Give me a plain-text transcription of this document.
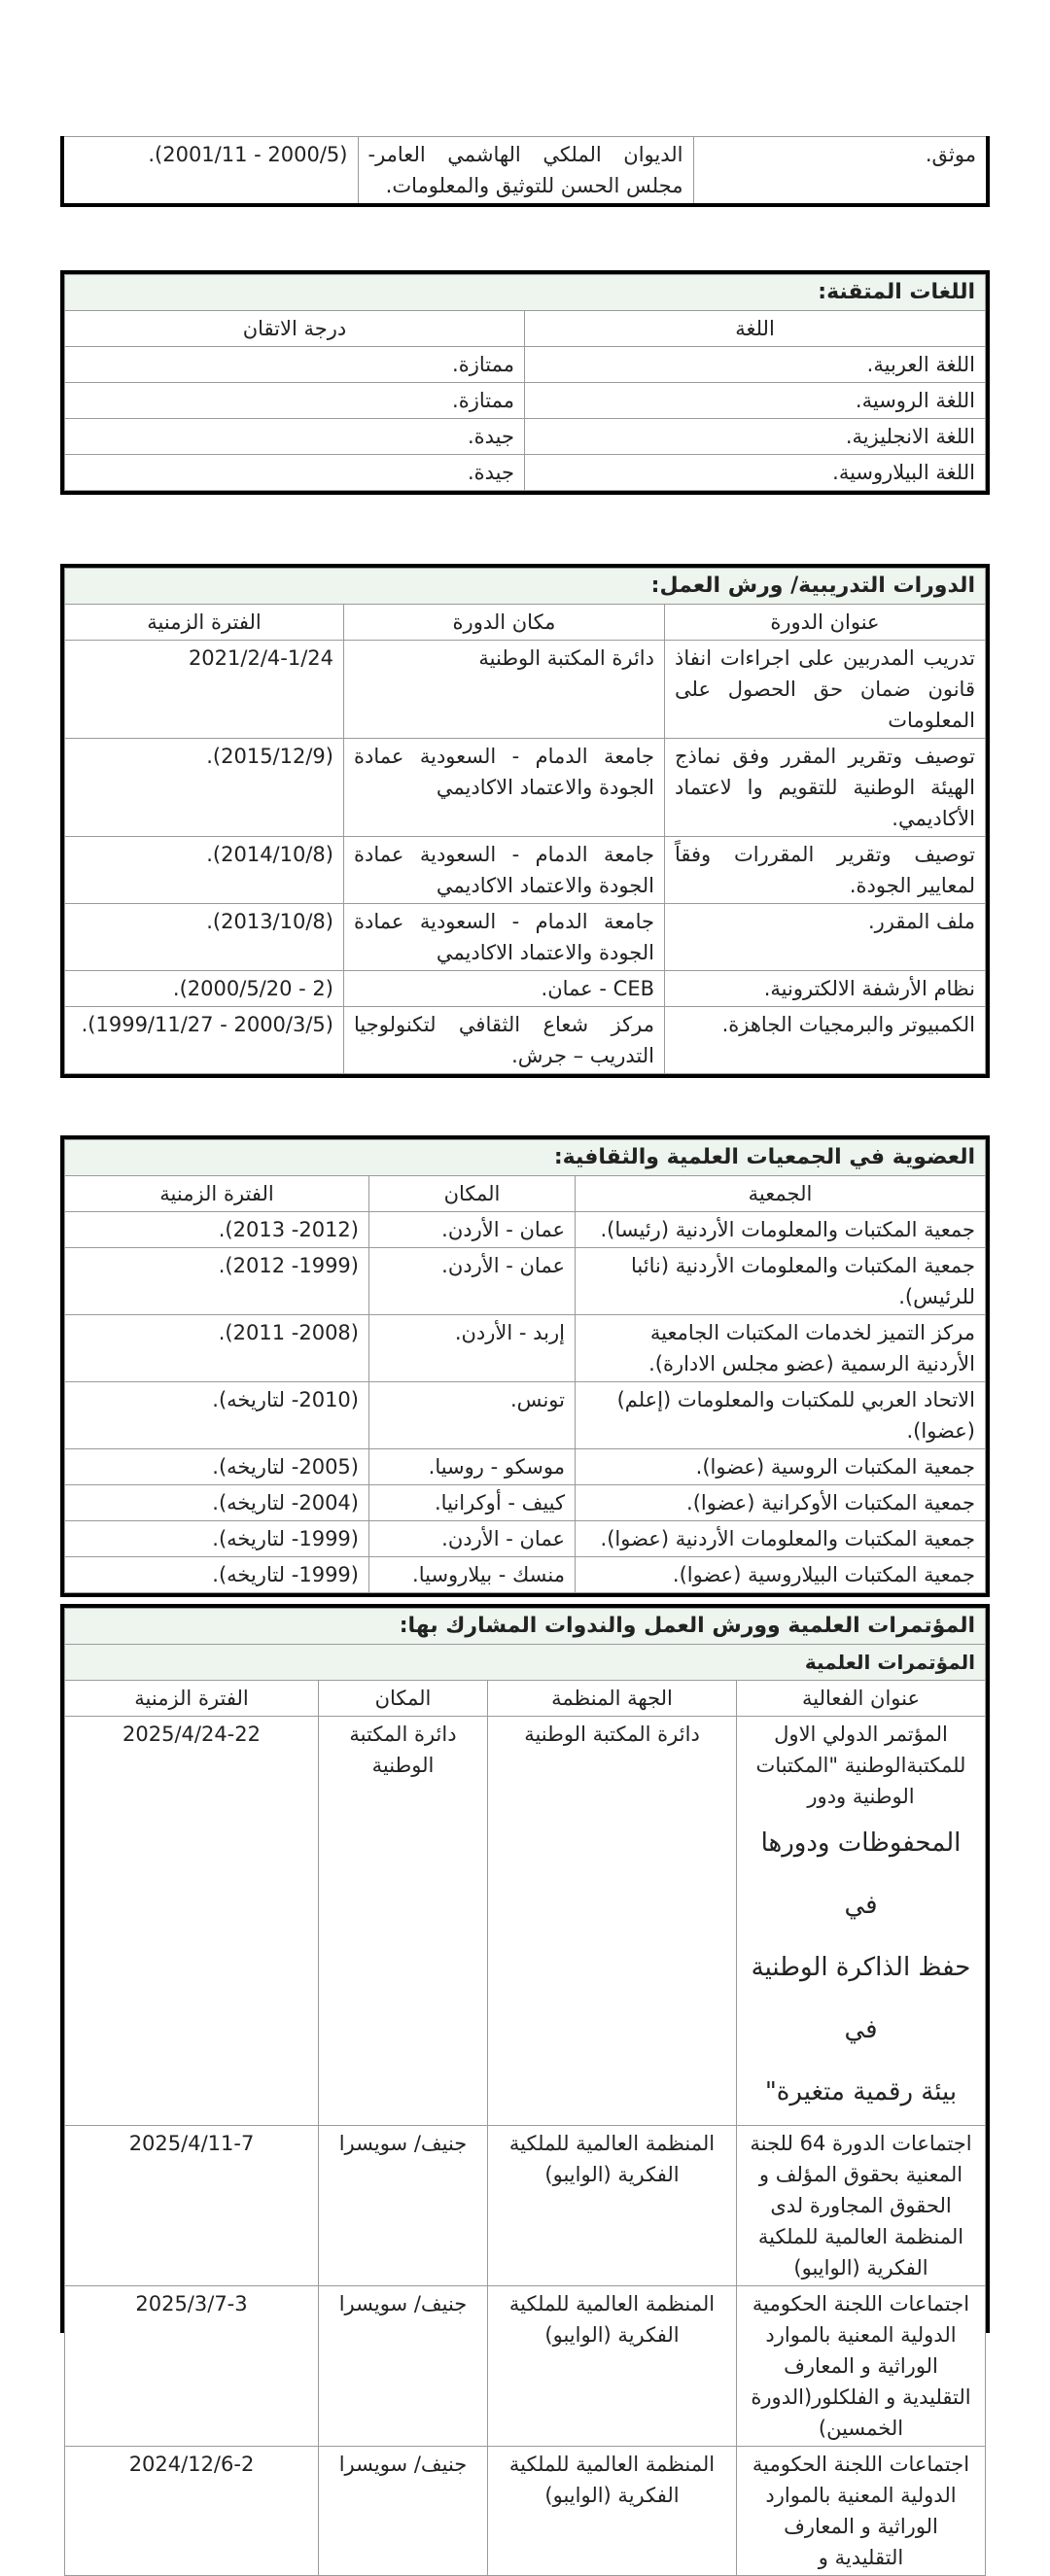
موثق.	الديوان الملكي الهاشمي العامر- مجلس الحسن للتوثيق والمعلومات.	(2000/5 - 2001/11).
اللغات المتقنة:	
اللغة	درجة الاتقان
اللغة العربية.	ممتازة.
اللغة الروسية.	ممتازة.
اللغة الانجليزية.	جيدة.
اللغة البيلاروسية.	جيدة.
الدورات التدريبية/ ورش العمل:		
عنوان الدورة	مكان الدورة	الفترة الزمنية
تدريب المدربين على اجراءات انفاذ قانون ضمان حق الحصول على المعلومات	دائرة المكتبة الوطنية	2021/2/4-1/24
توصيف وتقرير المقرر وفق نماذج الهيئة الوطنية للتقويم وا لاعتماد الأكاديمي.	جامعة الدمام - السعودية عمادة الجودة والاعتماد الاكاديمي	(2015/12/9).
توصيف وتقرير المقررات وفقاً لمعايير الجودة.	جامعة الدمام - السعودية عمادة الجودة والاعتماد الاكاديمي	(2014/10/8).
ملف المقرر.	جامعة الدمام - السعودية عمادة الجودة والاعتماد الاكاديمي	(2013/10/8).
نظام الأرشفة الالكترونية.	CEB - عمان.	(2 - 2000/5/20).
الكمبيوتر والبرمجيات الجاهزة.	مركز شعاع الثقافي لتكنولوجيا التدريب – جرش.	(2000/3/5 - 1999/11/27).
العضوية في الجمعيات العلمية والثقافية:		
الجمعية	المكان	الفترة الزمنية
جمعية المكتبات والمعلومات الأردنية (رئيسا).	عمان - الأردن.	(2012- 2013).
جمعية المكتبات والمعلومات الأردنية (نائبا للرئيس).	عمان - الأردن.	(1999- 2012).
مركز التميز لخدمات المكتبات الجامعية الأردنية الرسمية (عضو مجلس الادارة).	إربد - الأردن.	(2008- 2011).
الاتحاد العربي للمكتبات والمعلومات (إعلم) (عضوا).	تونس.	(2010- لتاريخه).
جمعية المكتبات الروسية (عضوا).	موسكو - روسيا.	(2005- لتاريخه).
جمعية المكتبات الأوكرانية (عضوا).	كييف - أوكرانيا.	(2004- لتاريخه).
جمعية المكتبات والمعلومات الأردنية (عضوا).	عمان - الأردن.	(1999- لتاريخه).
جمعية المكتبات البيلاروسية (عضوا).	منسك - بيلاروسيا.	(1999- لتاريخه).
المؤتمرات العلمية وورش العمل والندوات المشارك بها:			
المؤتمرات العلمية			
عنوان الفعالية	الجهة المنظمة	المكان	الفترة الزمنية

المؤتمر الدولي الاول للمكتبةالوطنية "المكتبات الوطنية ودور
المحفوظات ودورها في
حفظ الذاكرة الوطنية في
بيئة رقمية متغيرة"	دائرة المكتبة الوطنية	دائرة المكتبة الوطنية	2025/4/24-22
اجتماعات الدورة 64 للجنة المعنية بحقوق المؤلف و الحقوق المجاورة لدى المنظمة العالمية للملكية الفكرية (الوايبو)	المنظمة العالمية للملكية الفكرية (الوايبو)	جنيف/ سويسرا	2025/4/11-7
اجتماعات اللجنة الحكومية الدولية المعنية بالموارد الوراثية و المعارف التقليدية و الفلكلور(الدورة الخمسين)	المنظمة العالمية للملكية الفكرية (الوايبو)	جنيف/ سويسرا	2025/3/7-3
اجتماعات اللجنة الحكومية الدولية المعنية بالموارد الوراثية و المعارف التقليدية و	المنظمة العالمية للملكية الفكرية (الوايبو)	جنيف/ سويسرا	2024/12/6-2
